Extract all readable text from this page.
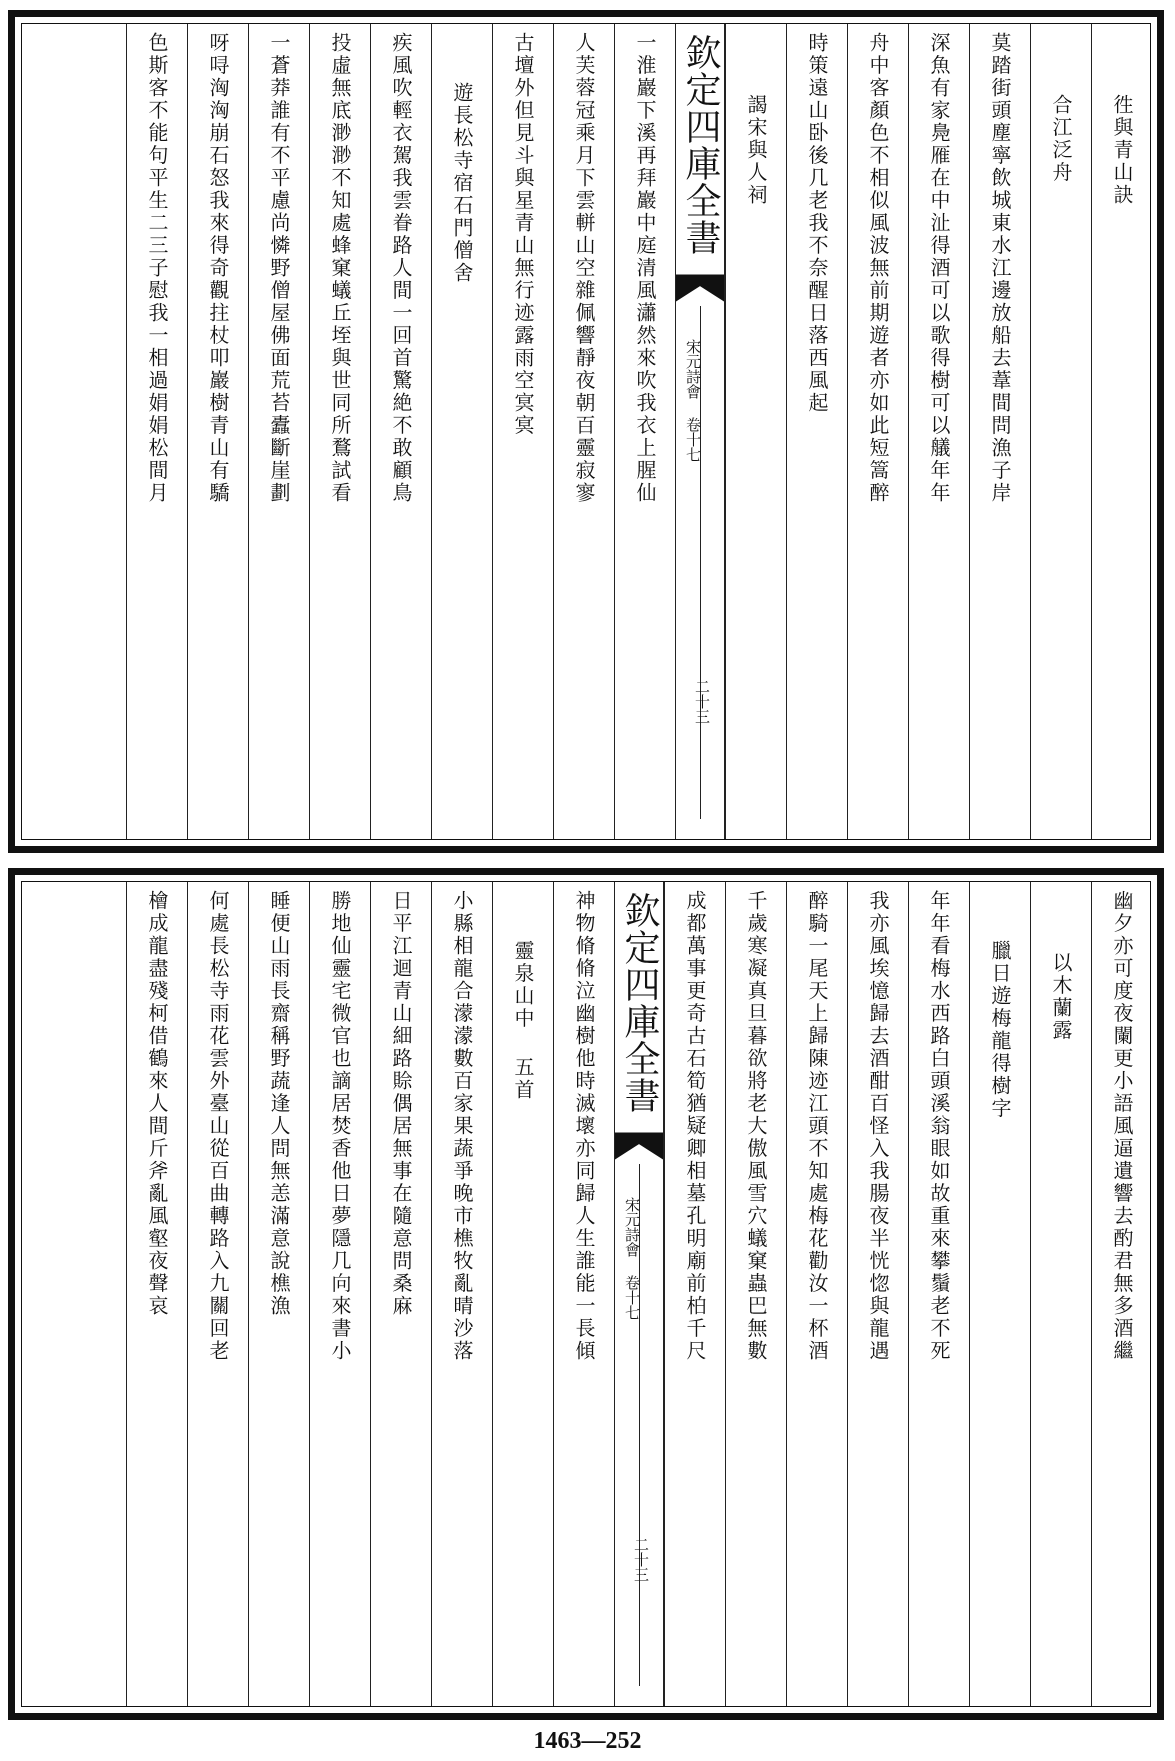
徃與青山訣
合江泛舟
莫踏街頭塵寧飲城東水江邊放船去葦間問漁子岸
深魚有家鳧雁在中沚得酒可以歌得樹可以艤年年
舟中客顏色不相似風波無前期遊者亦如此短篙醉
時策遠山卧後几老我不奈醒日落西風起
謁宋與人祠
欽定四庫全書
宋元詩會 卷十七
二十三
一淮巖下溪再拜巖中庭清風瀟然來吹我衣上腥仙
人芙蓉冠乘月下雲軿山空雜佩響靜夜朝百靈寂寥
古壇外但見斗與星青山無行迹露雨空㝠㝠
遊長松寺宿石門僧舍
疾風吹輕衣駕我雲眷路人間一回首驚絶不敢顧鳥
投虛無底渺渺不知處蜂窠蟻丘垤與世同所鶩試看
一蒼莽誰有不平慮尚憐野僧屋佛面荒苔蠹斷崖劃
呀㖊洶洶崩石怒我來得奇觀拄杖叩巖樹青山有驕
色斯客不能句平生二三子慰我一相過娟娟松間月
幽夕亦可度夜闌更小語風逼遺響去酌君無多酒繼
以木蘭露
臘日遊梅龍得樹字
年年看梅水西路白頭溪翁眼如故重來攀鬚老不死
我亦風埃憶歸去酒酣百怪入我腸夜半恍惚與龍遇
醉騎一尾天上歸陳迹江頭不知處梅花勸汝一杯酒
千歲寒凝真旦暮欲將老大傲風雪穴蟻窠蟲巴無數
成都萬事更奇古石筍猶疑卿相墓孔明廟前柏千尺
欽定四庫全書
宋元詩會 卷十七
二十三
神物脩脩泣幽樹他時滅壞亦同歸人生誰能一長傾
靈泉山中 五首
小縣相龍合濛濛數百家果蔬爭晚市樵牧亂晴沙落
日平江迴青山細路賒偶居無事在隨意問桑麻
勝地仙靈宅微官也謫居焚香他日夢隱几向來書小
睡便山雨長齋稱野蔬逢人問無恙滿意說樵漁
何處長松寺雨花雲外臺山從百曲轉路入九關回老
檜成龍盡殘柯借鶴來人間斤斧亂風壑夜聲哀
1463—252
